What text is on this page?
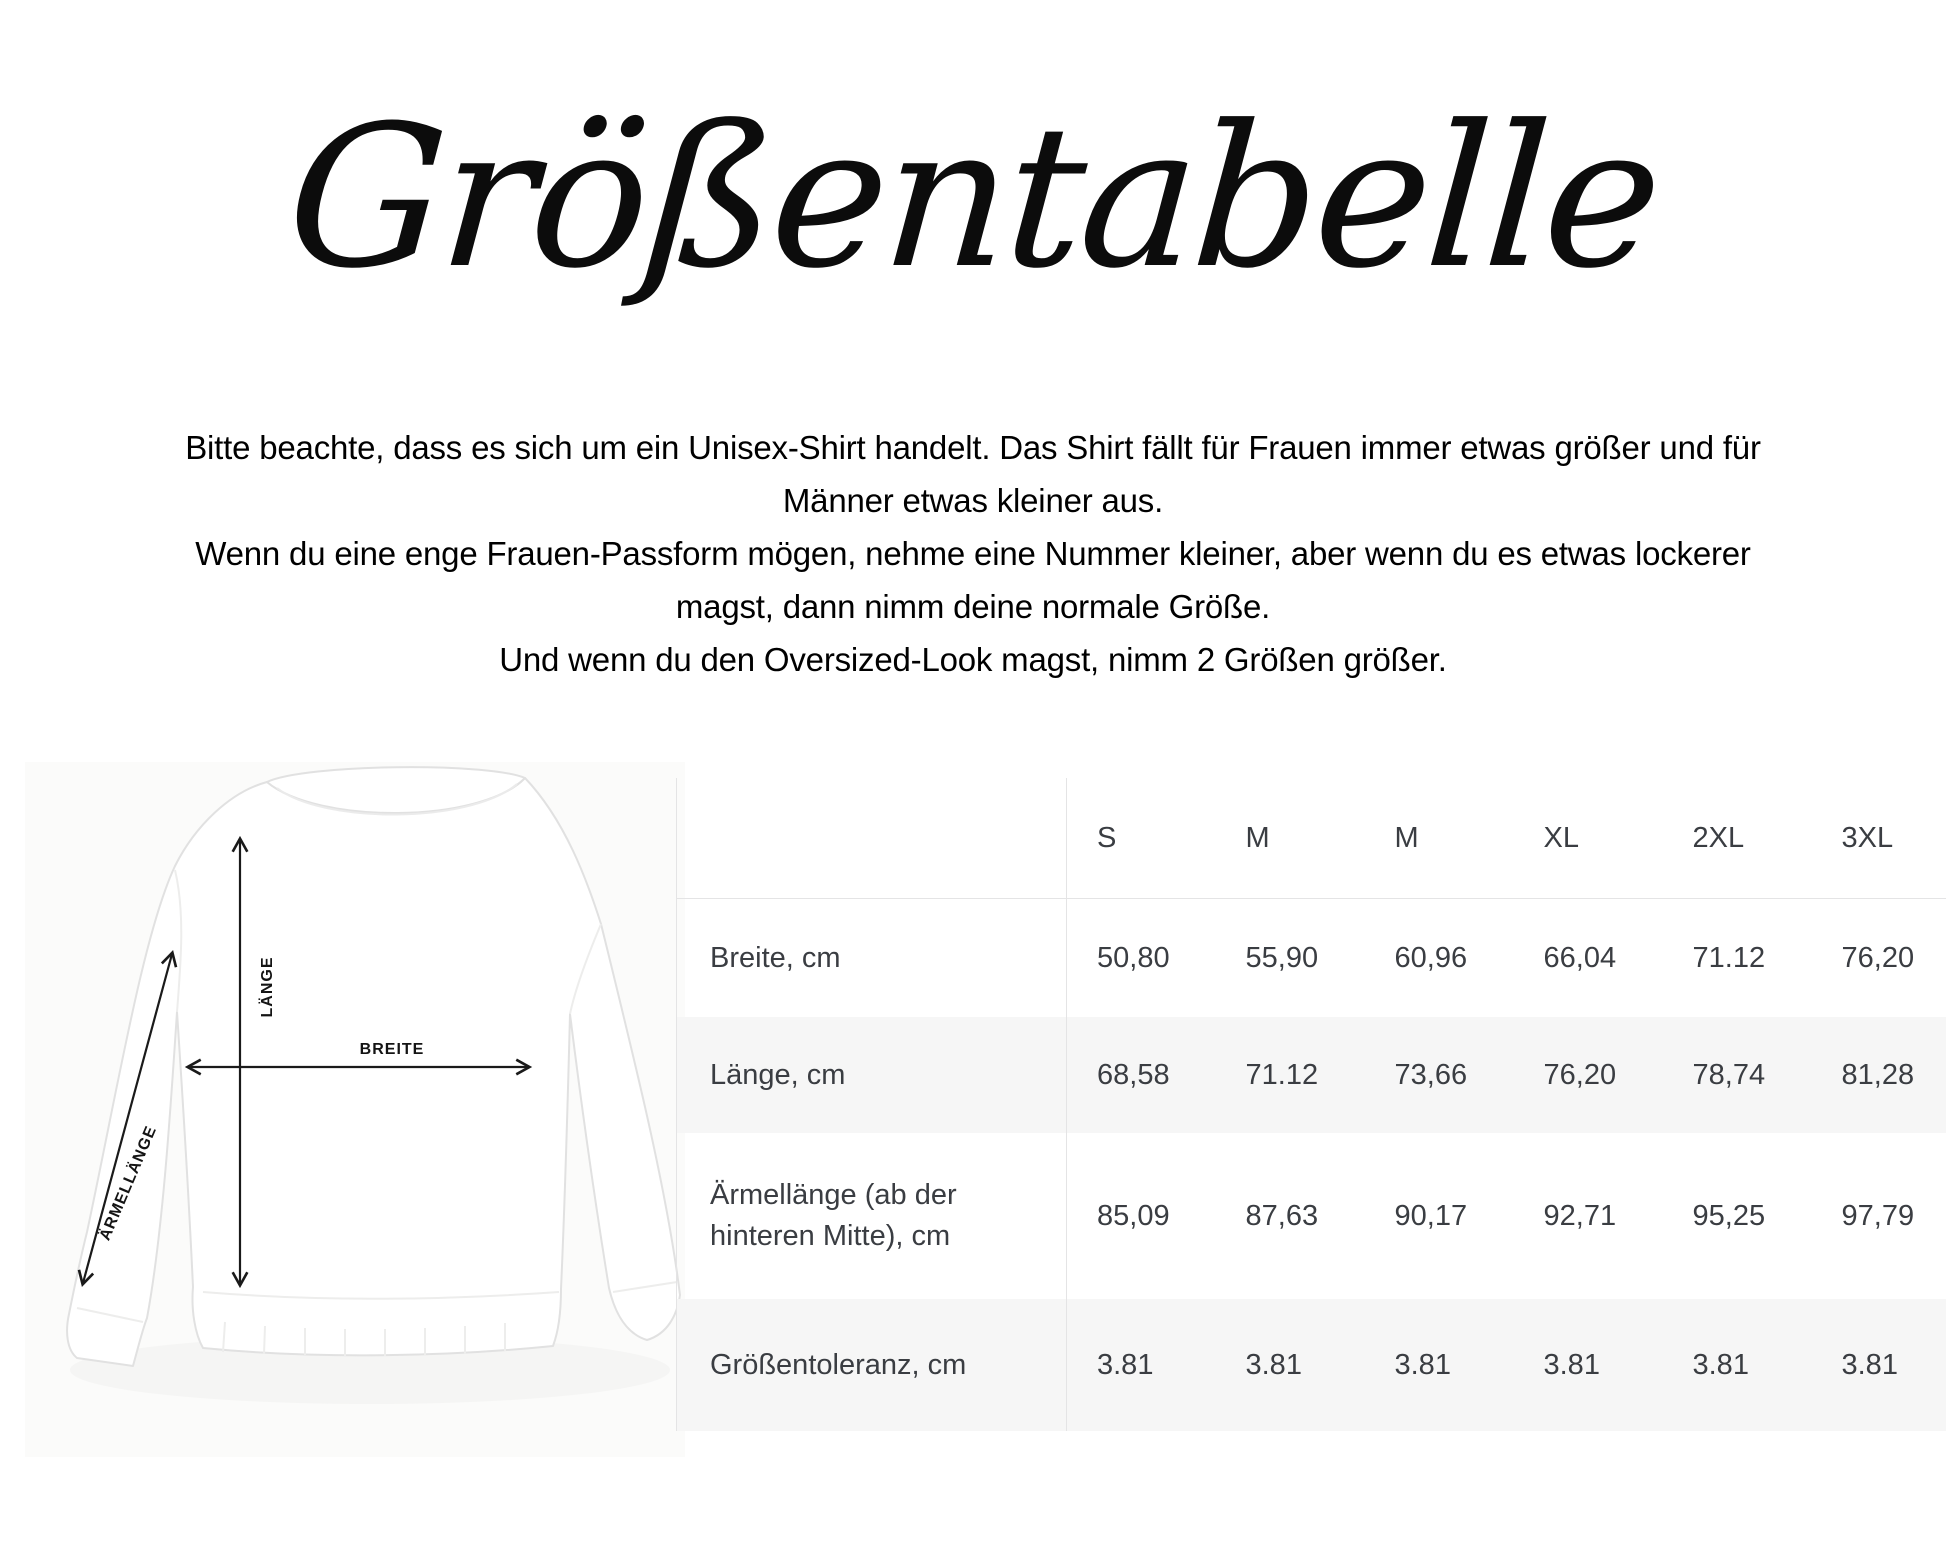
Größentabelle
Bitte beachte, dass es sich um ein Unisex-Shirt handelt. Das Shirt fällt für Frauen immer etwas größer und für
Männer etwas kleiner aus.
Wenn du eine enge Frauen-Passform mögen, nehme eine Nummer kleiner, aber wenn du es etwas lockerer
magst, dann nimm deine normale Größe.
Und wenn du den Oversized-Look magst, nimm 2 Größen größer.
LÄNGE
BREITE
ÄRMELLÄNGE
	S	M	M	XL	2XL	3XL
Breite, cm	50,80	55,90	60,96	66,04	71.12	76,20
Länge, cm	68,58	71.12	73,66	76,20	78,74	81,28
Ärmellänge (ab der hinteren Mitte), cm	85,09	87,63	90,17	92,71	95,25	97,79
Größentoleranz, cm	3.81	3.81	3.81	3.81	3.81	3.81
